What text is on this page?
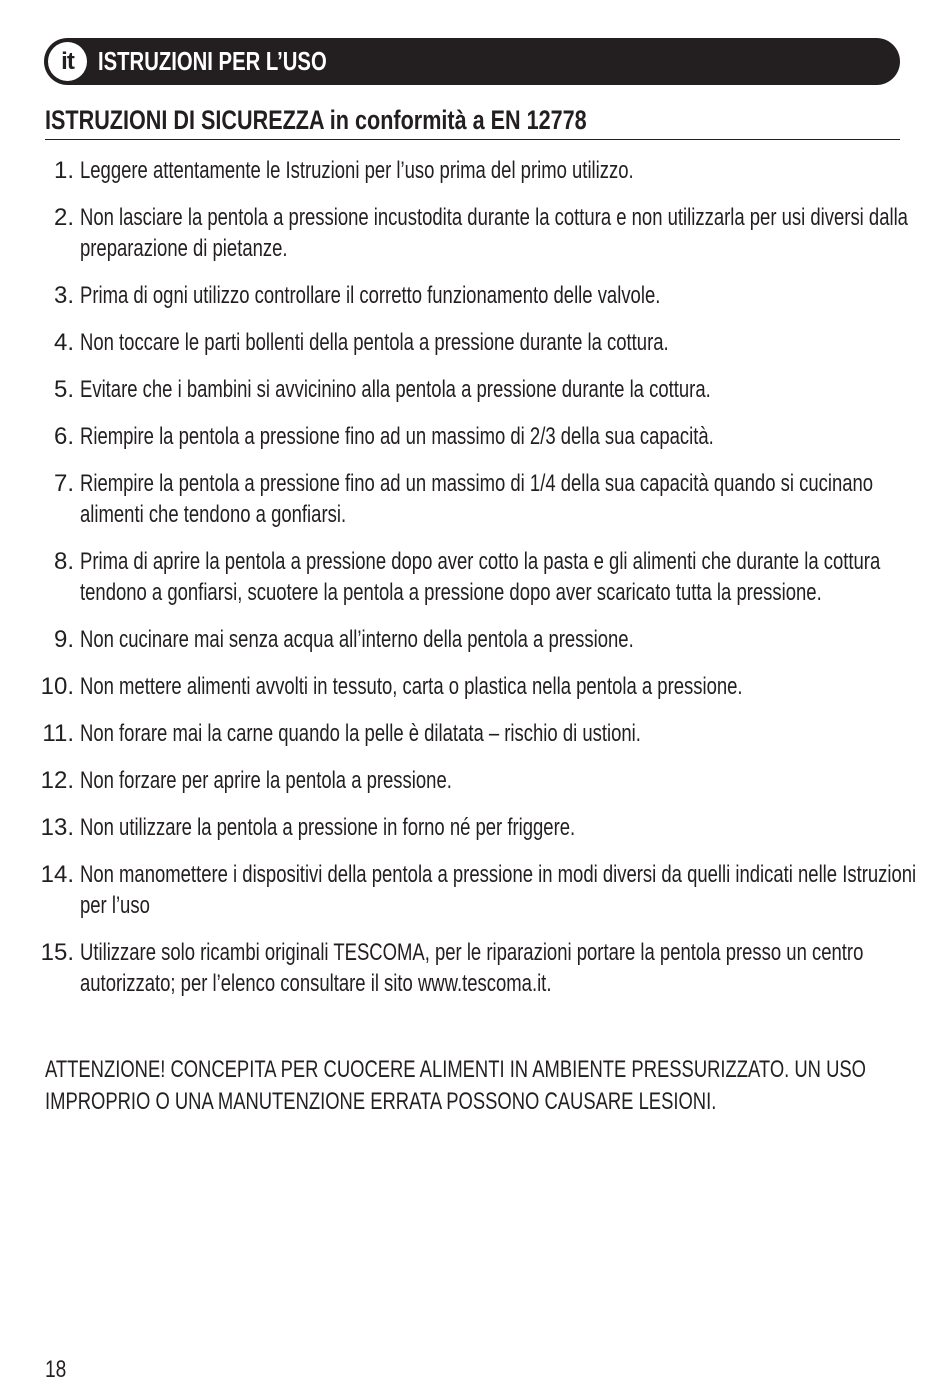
it ISTRUZIONI PER L’USO
ISTRUZIONI DI SICUREZZA in conformità a EN 12778
1. Leggere attentamente le Istruzioni per l’uso prima del primo utilizzo.
2. Non lasciare la pentola a pressione incustodita durante la cottura e non utilizzarla per usi diversi dalla preparazione di pietanze.
3. Prima di ogni utilizzo controllare il corretto funzionamento delle valvole.
4. Non toccare le parti bollenti della pentola a pressione durante la cottura.
5. Evitare che i bambini si avvicinino alla pentola a pressione durante la cottura.
6. Riempire la pentola a pressione fino ad un massimo di 2/3 della sua capacità.
7. Riempire la pentola a pressione fino ad un massimo di 1/4 della sua capacità quando si cucinano alimenti che tendono a gonfiarsi.
8. Prima di aprire la pentola a pressione dopo aver cotto la pasta e gli alimenti che durante la cottura tendono a gonfiarsi, scuotere la pentola a pressione dopo aver scaricato tutta la pressione.
9. Non cucinare mai senza acqua all’interno della pentola a pressione.
10. Non mettere alimenti avvolti in tessuto, carta o plastica nella pentola a pressione.
11. Non forare mai la carne quando la pelle è dilatata – rischio di ustioni.
12. Non forzare per aprire la pentola a pressione.
13. Non utilizzare la pentola a pressione in forno né per friggere.
14. Non manomettere i dispositivi della pentola a pressione in modi diversi da quelli indicati nelle Istruzioni per l’uso
15. Utilizzare solo ricambi originali TESCOMA, per le riparazioni portare la pentola presso un centro autorizzato; per l’elenco consultare il sito www.tescoma.it.
ATTENZIONE! CONCEPITA PER CUOCERE ALIMENTI IN AMBIENTE PRESSURIZZATO. UN USO IMPROPRIO O UNA MANUTENZIONE ERRATA POSSONO CAUSARE LESIONI.
18
